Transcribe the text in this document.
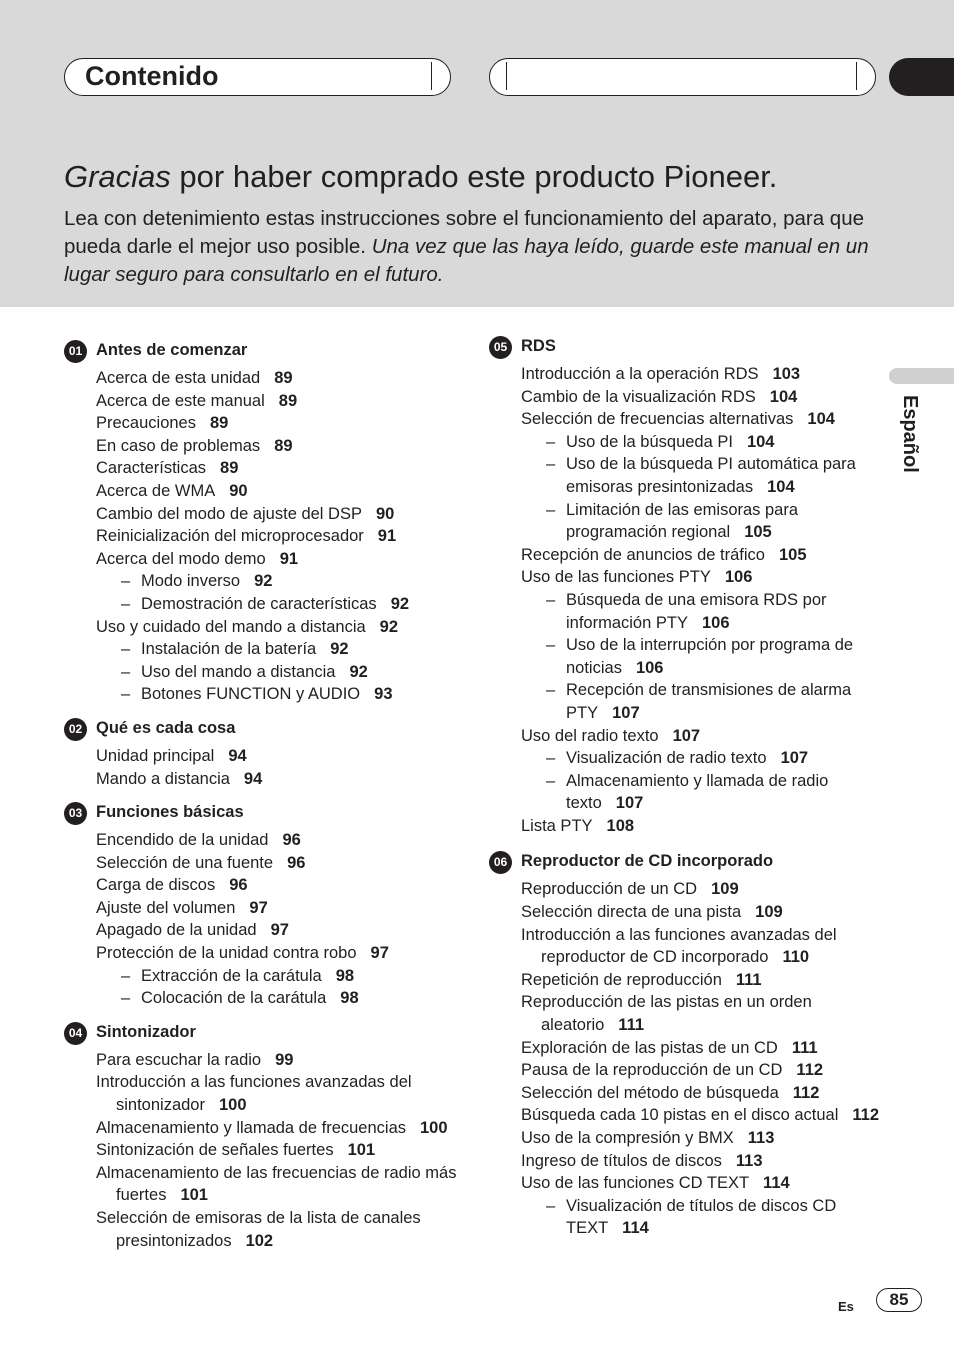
Contenido
Gracias por haber comprado este producto Pioneer.
Lea con detenimiento estas instrucciones sobre el funcionamiento del aparato, para que pueda darle el mejor uso posible. Una vez que las haya leído, guarde este manual en un lugar seguro para consultarlo en el futuro.
01 Antes de comenzar
Acerca de esta unidad 89
Acerca de este manual 89
Precauciones 89
En caso de problemas 89
Características 89
Acerca de WMA 90
Cambio del modo de ajuste del DSP 90
Reinicialización del microprocesador 91
Acerca del modo demo 91
– Modo inverso 92
– Demostración de características 92
Uso y cuidado del mando a distancia 92
– Instalación de la batería 92
– Uso del mando a distancia 92
– Botones FUNCTION y AUDIO 93
02 Qué es cada cosa
Unidad principal 94
Mando a distancia 94
03 Funciones básicas
Encendido de la unidad 96
Selección de una fuente 96
Carga de discos 96
Ajuste del volumen 97
Apagado de la unidad 97
Protección de la unidad contra robo 97
– Extracción de la carátula 98
– Colocación de la carátula 98
04 Sintonizador
Para escuchar la radio 99
Introducción a las funciones avanzadas del sintonizador 100
Almacenamiento y llamada de frecuencias 100
Sintonización de señales fuertes 101
Almacenamiento de las frecuencias de radio más fuertes 101
Selección de emisoras de la lista de canales presintonizados 102
05 RDS
Introducción a la operación RDS 103
Cambio de la visualización RDS 104
Selección de frecuencias alternativas 104
– Uso de la búsqueda PI 104
– Uso de la búsqueda PI automática para emisoras presintonizadas 104
– Limitación de las emisoras para programación regional 105
Recepción de anuncios de tráfico 105
Uso de las funciones PTY 106
– Búsqueda de una emisora RDS por información PTY 106
– Uso de la interrupción por programa de noticias 106
– Recepción de transmisiones de alarma PTY 107
Uso del radio texto 107
– Visualización de radio texto 107
– Almacenamiento y llamada de radio texto 107
Lista PTY 108
06 Reproductor de CD incorporado
Reproducción de un CD 109
Selección directa de una pista 109
Introducción a las funciones avanzadas del reproductor de CD incorporado 110
Repetición de reproducción 111
Reproducción de las pistas en un orden aleatorio 111
Exploración de las pistas de un CD 111
Pausa de la reproducción de un CD 112
Selección del método de búsqueda 112
Búsqueda cada 10 pistas en el disco actual 112
Uso de la compresión y BMX 113
Ingreso de títulos de discos 113
Uso de las funciones CD TEXT 114
– Visualización de títulos de discos CD TEXT 114
Español
Es	85
